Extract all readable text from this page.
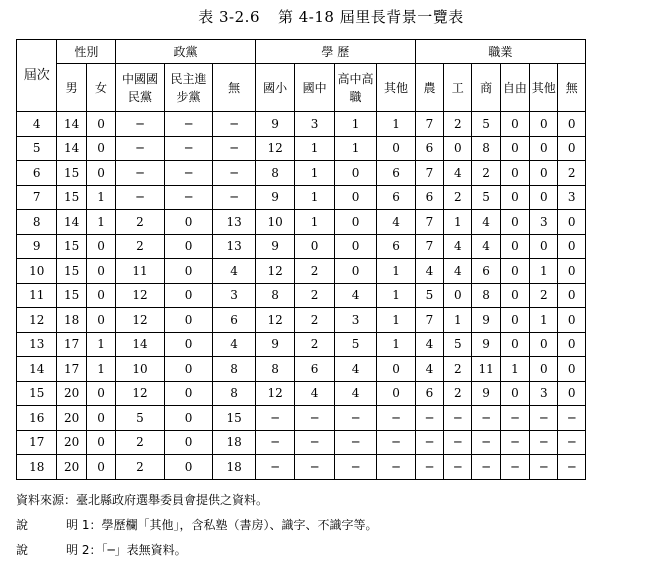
表 3-2.6 第 4-18 屆里長背景一覽表
屆次	性別		政黨			學 歷				職業					
	男	女	中國國民黨	民主進步黨	無	國小	國中	高中高職	其他	農	工	商	自由	其他	無
4	14	0	─	─	─	9	3	1	1	7	2	5	0	0	0
5	14	0	─	─	─	12	1	1	0	6	0	8	0	0	0
6	15	0	─	─	─	8	1	0	6	7	4	2	0	0	2
7	15	1	─	─	─	9	1	0	6	6	2	5	0	0	3
8	14	1	2	0	13	10	1	0	4	7	1	4	0	3	0
9	15	0	2	0	13	9	0	0	6	7	4	4	0	0	0
10	15	0	11	0	4	12	2	0	1	4	4	6	0	1	0
11	15	0	12	0	3	8	2	4	1	5	0	8	0	2	0
12	18	0	12	0	6	12	2	3	1	7	1	9	0	1	0
13	17	1	14	0	4	9	2	5	1	4	5	9	0	0	0
14	17	1	10	0	8	8	6	4	0	4	2	11	1	0	0
15	20	0	12	0	8	12	4	4	0	6	2	9	0	3	0
16	20	0	5	0	15	─	─	─	─	─	─	─	─	─	─
17	20	0	2	0	18	─	─	─	─	─	─	─	─	─	─
18	20	0	2	0	18	─	─	─	─	─	─	─	─	─	─
資料來源：臺北縣政府選舉委員會提供之資料。
說 明 1：學歷欄「其他」，含私塾（書房）、識字、不識字等。
說 明 2：「─」表無資料。
